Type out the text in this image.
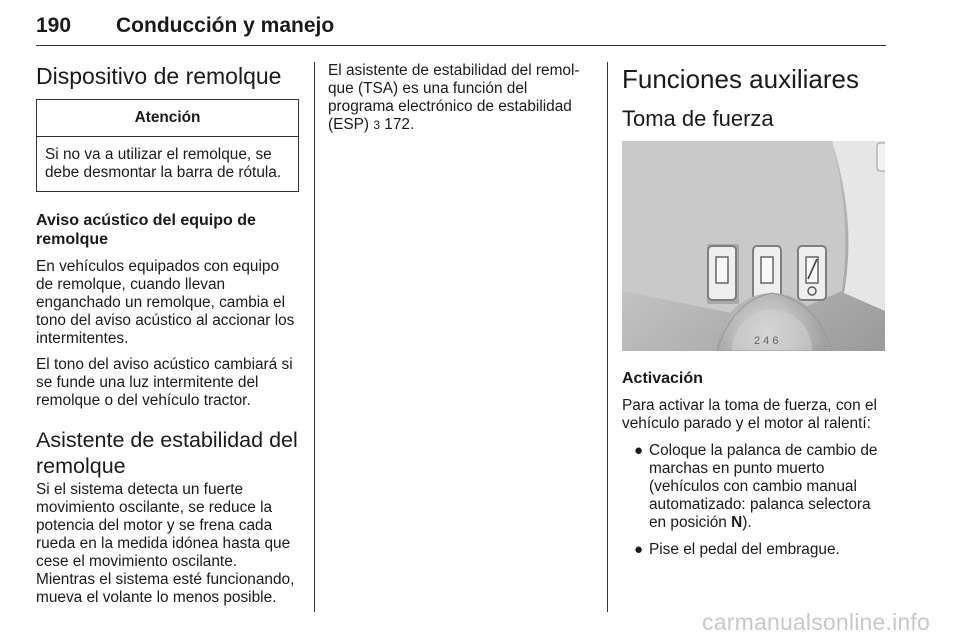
190 Conducción y manejo
Dispositivo de remolque
Atención
Si no va a utilizar el remolque, se debe desmontar la barra de rótula.
Aviso acústico del equipo de remolque

En vehículos equipados con equipo de remolque, cuando llevan enganchado un remolque, cambia el tono del aviso acústico al accionar los intermitentes.

El tono del aviso acústico cambiará si se funde una luz intermitente del remolque o del vehículo tractor.

Asistente de estabilidad del remolque

Si el sistema detecta un fuerte movimiento oscilante, se reduce la potencia del motor y se frena cada rueda en la medida idónea hasta que cese el movimiento oscilante. Mientras el sistema esté funcionando, mueva el volante lo menos posible.

El asistente de estabilidad del remol-
que (TSA) es una función del
programa electrónico de estabilidad
(ESP) 3 172.

Funciones auxiliares
Toma de fuerza
2 4 6
Activación

Para activar la toma de fuerza, con el vehículo parado y el motor al ralentí:

● Coloque la palanca de cambio de marchas en punto muerto (vehículos con cambio manual automatizado: palanca selectora en posición N).
● Pise el pedal del embrague.
carmanualsonline.info
